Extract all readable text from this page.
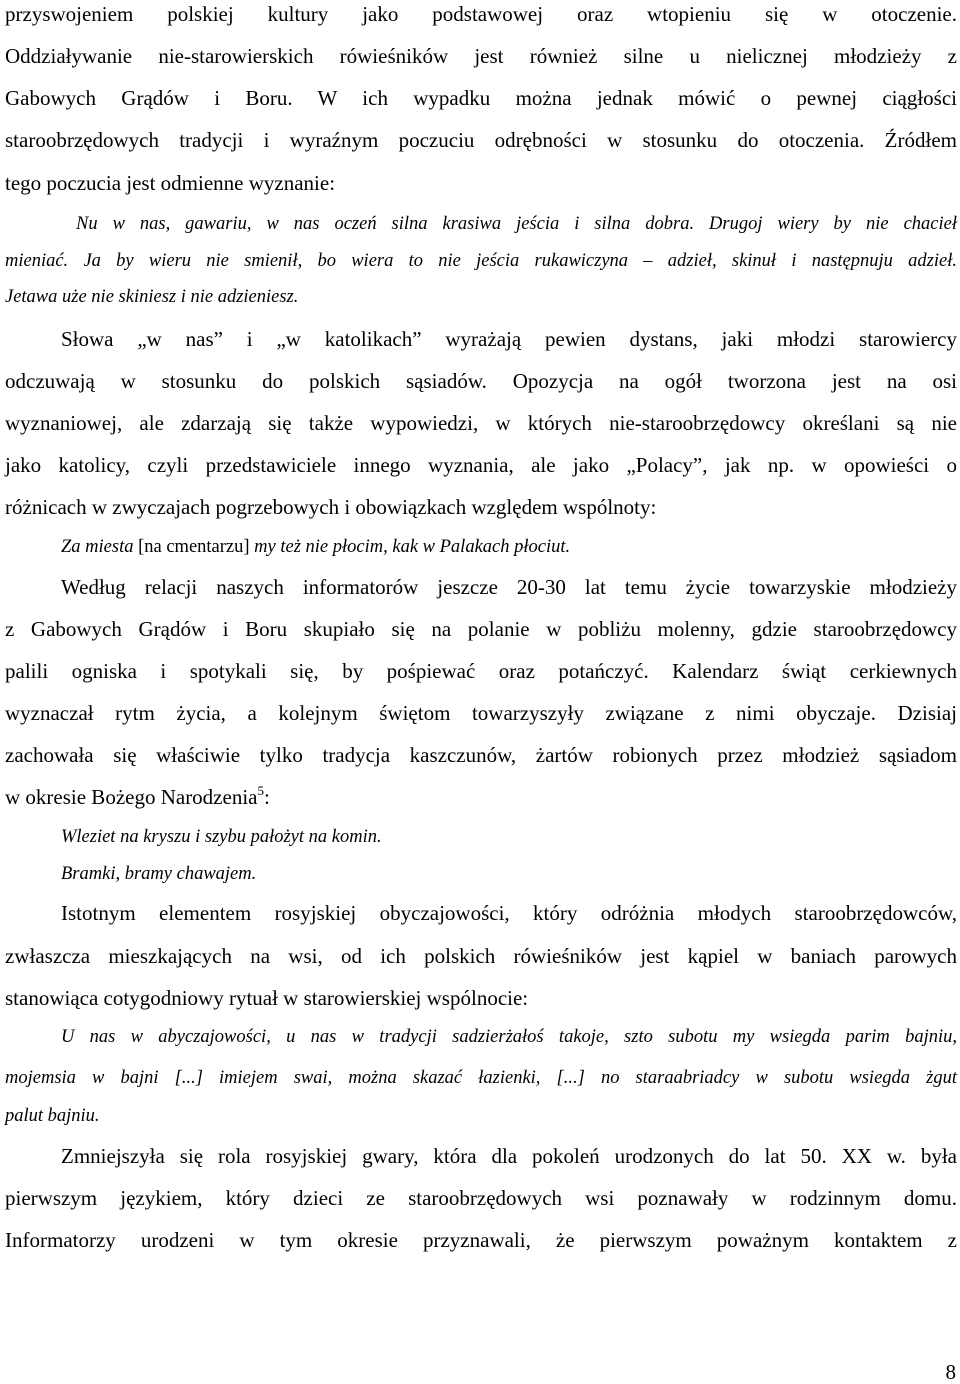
przyswojeniem polskiej kultury jako podstawowej oraz wtopieniu się w otoczenie.
Oddziaływanie nie-starowierskich rówieśników jest również silne u nielicznej młodzieży z
Gabowych Grądów i Boru. W ich wypadku można jednak mówić o pewnej ciągłości
staroobrzędowych tradycji i wyraźnym poczuciu odrębności w stosunku do otoczenia. Źródłem
tego poczucia jest odmienne wyznanie:
Nu w nas, gawariu, w nas oczeń silna krasiwa jeścia i silna dobra. Drugoj wiery by nie chacieł
mieniać. Ja by wieru nie smienił, bo wiera to nie jeścia rukawiczyna – adzieł, skinuł i następnuju adzieł.
Jetawa uże nie skiniesz i nie adzieniesz.
Słowa „w nas” i „w katolikach” wyrażają pewien dystans, jaki młodzi starowiercy
odczuwają w stosunku do polskich sąsiadów. Opozycja na ogół tworzona jest na osi
wyznaniowej, ale zdarzają się także wypowiedzi, w których nie-staroobrzędowcy określani są nie
jako katolicy, czyli przedstawiciele innego wyznania, ale jako „Polacy”, jak np. w opowieści o
różnicach w zwyczajach pogrzebowych i obowiązkach względem wspólnoty:
Za miesta [na cmentarzu] my też nie płocim, kak w Palakach płociut.
Według relacji naszych informatorów jeszcze 20-30 lat temu życie towarzyskie młodzieży
z Gabowych Grądów i Boru skupiało się na polanie w pobliżu molenny, gdzie staroobrzędowcy
palili ogniska i spotykali się, by pośpiewać oraz potańczyć. Kalendarz świąt cerkiewnych
wyznaczał rytm życia, a kolejnym świętom towarzyszyły związane z nimi obyczaje. Dzisiaj
zachowała się właściwie tylko tradycja kaszczunów, żartów robionych przez młodzież sąsiadom
w okresie Bożego Narodzenia$^5$:
Wleziet na kryszu i szybu pałożyt na komin.
Bramki, bramy chawajem.
Istotnym elementem rosyjskiej obyczajowości, który odróżnia młodych staroobrzędowców,
zwłaszcza mieszkających na wsi, od ich polskich rówieśników jest kąpiel w baniach parowych
stanowiąca cotygodniowy rytuał w starowierskiej wspólnocie:
U nas w abyczajowości, u nas w tradycji sadzierżałoś takoje, szto subotu my wsiegda parim bajniu,
mojemsia w bajni [...] imiejem swai, można skazać łazienki, [...] no staraabriadcy w subotu wsiegda żgut
palut bajniu.
Zmniejszyła się rola rosyjskiej gwary, która dla pokoleń urodzonych do lat 50. XX w. była
pierwszym językiem, który dzieci ze staroobrzędowych wsi poznawały w rodzinnym domu.
Informatorzy urodzeni w tym okresie przyznawali, że pierwszym poważnym kontaktem z
8
